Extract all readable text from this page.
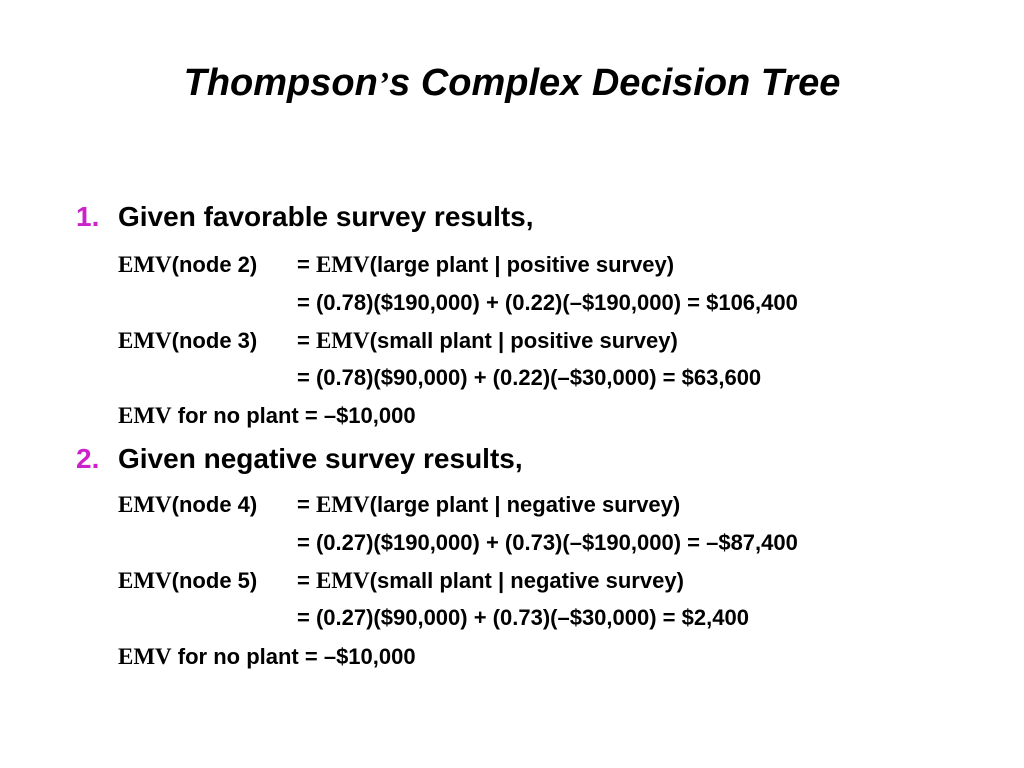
Thompson’s Complex Decision Tree
1. Given favorable survey results,
EMV(node 2) = EMV(large plant | positive survey)
= (0.78)($190,000) + (0.22)(–$190,000) = $106,400
EMV(node 3) = EMV(small plant | positive survey)
= (0.78)($90,000) + (0.22)(–$30,000) = $63,600
EMV for no plant = –$10,000
2. Given negative survey results,
EMV(node 4) = EMV(large plant | negative survey)
= (0.27)($190,000) + (0.73)(–$190,000) = –$87,400
EMV(node 5) = EMV(small plant | negative survey)
= (0.27)($90,000) + (0.73)(–$30,000) = $2,400
EMV for no plant = –$10,000
